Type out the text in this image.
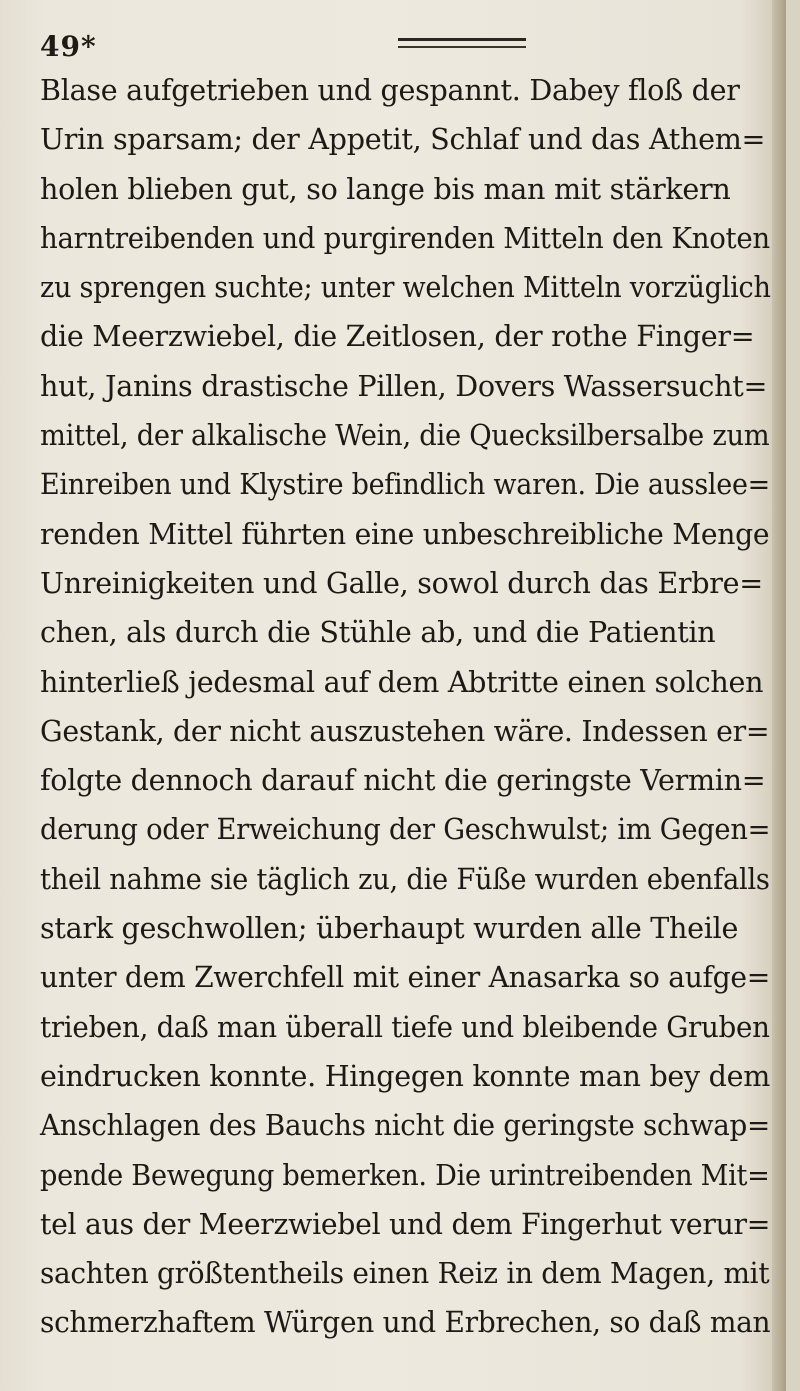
49*
Blase aufgetrieben und gespannt. Dabey floß der
Urin sparsam; der Appetit, Schlaf und das Athem=
holen blieben gut, so lange bis man mit stärkern
harntreibenden und purgirenden Mitteln den Knoten
zu sprengen suchte; unter welchen Mitteln vorzüglich
die Meerzwiebel, die Zeitlosen, der rothe Finger=
hut, Janins drastische Pillen, Dovers Wassersucht=
mittel, der alkalische Wein, die Quecksilbersalbe zum
Einreiben und Klystire befindlich waren. Die ausslee=
renden Mittel führten eine unbeschreibliche Menge
Unreinigkeiten und Galle, sowol durch das Erbre=
chen, als durch die Stühle ab, und die Patientin
hinterließ jedesmal auf dem Abtritte einen solchen
Gestank, der nicht auszustehen wäre. Indessen er=
folgte dennoch darauf nicht die geringste Vermin=
derung oder Erweichung der Geschwulst; im Gegen=
theil nahme sie täglich zu, die Füße wurden ebenfalls
stark geschwollen; überhaupt wurden alle Theile
unter dem Zwerchfell mit einer Anasarka so aufge=
trieben, daß man überall tiefe und bleibende Gruben
eindrucken konnte. Hingegen konnte man bey dem
Anschlagen des Bauchs nicht die geringste schwap=
pende Bewegung bemerken. Die urintreibenden Mit=
tel aus der Meerzwiebel und dem Fingerhut verur=
sachten größtentheils einen Reiz in dem Magen, mit
schmerzhaftem Würgen und Erbrechen, so daß man
